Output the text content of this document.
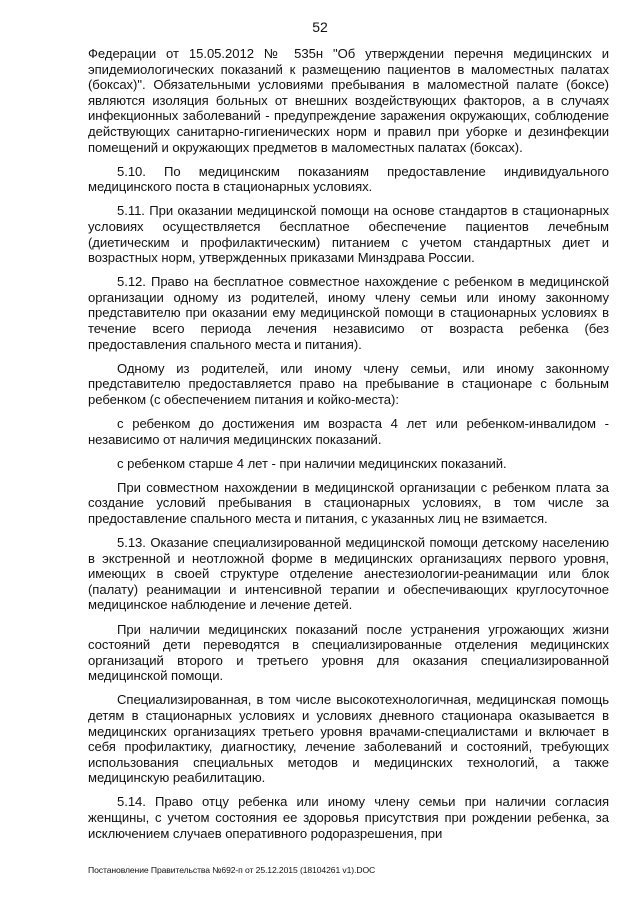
52

Федерации от 15.05.2012 № 535н "Об утверждении перечня медицинских и эпидемиологических показаний к размещению пациентов в маломестных палатах (боксах)". Обязательными условиями пребывания в маломестной палате (боксе) являются изоляция больных от внешних воздействующих факторов, а в случаях инфекционных заболеваний - предупреждение заражения окружающих, соблюдение действующих санитарно-гигиенических норм и правил при уборке и дезинфекции помещений и окружающих предметов в маломестных палатах (боксах).

5.10. По медицинским показаниям предоставление индивидуального медицинского поста в стационарных условиях.

5.11. При оказании медицинской помощи на основе стандартов в стационарных условиях осуществляется бесплатное обеспечение пациентов лечебным (диетическим и профилактическим) питанием с учетом стандартных диет и возрастных норм, утвержденных приказами Минздрава России.

5.12. Право на бесплатное совместное нахождение с ребенком в медицинской организации одному из родителей, иному члену семьи или иному законному представителю при оказании ему медицинской помощи в стационарных условиях в течение всего периода лечения независимо от возраста ребенка (без предоставления спального места и питания).

Одному из родителей, или иному члену семьи, или иному законному представителю предоставляется право на пребывание в стационаре с больным ребенком (с обеспечением питания и койко-места):

с ребенком до достижения им возраста 4 лет или ребенком-инвалидом - независимо от наличия медицинских показаний.

с ребенком старше 4 лет - при наличии медицинских показаний.

При совместном нахождении в медицинской организации с ребенком плата за создание условий пребывания в стационарных условиях, в том числе за предоставление спального места и питания, с указанных лиц не взимается.

5.13. Оказание специализированной медицинской помощи детскому населению в экстренной и неотложной форме в медицинских организациях первого уровня, имеющих в своей структуре отделение анестезиологии-реанимации или блок (палату) реанимации и интенсивной терапии и обеспечивающих круглосуточное медицинское наблюдение и лечение детей.

При наличии медицинских показаний после устранения угрожающих жизни состояний дети переводятся в специализированные отделения медицинских организаций второго и третьего уровня для оказания специализированной медицинской помощи.

Специализированная, в том числе высокотехнологичная, медицинская помощь детям в стационарных условиях и условиях дневного стационара оказывается в медицинских организациях третьего уровня врачами-специалистами и включает в себя профилактику, диагностику, лечение заболеваний и состояний, требующих использования специальных методов и медицинских технологий, а также медицинскую реабилитацию.

5.14. Право отцу ребенка или иному члену семьи при наличии согласия женщины, с учетом состояния ее здоровья присутствия при рождении ребенка, за исключением случаев оперативного родоразрешения, при

Постановление Правительства №692-п от 25.12.2015 (18104261 v1).DOC
